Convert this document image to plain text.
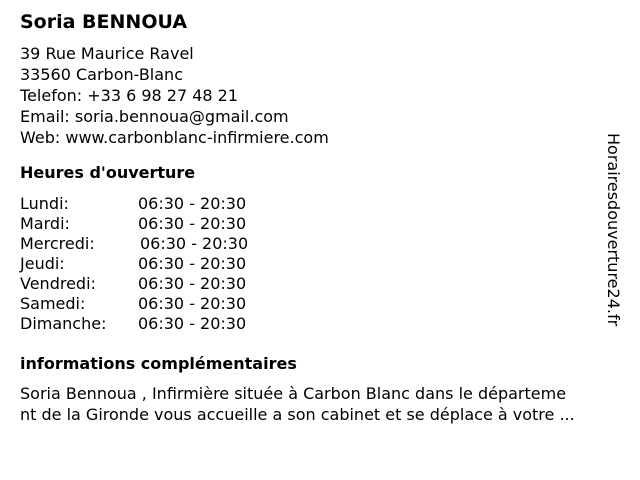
Soria BENNOUA
39 Rue Maurice Ravel
33560 Carbon-Blanc
Telefon: +33 6 98 27 48 21
Email: soria.bennoua@gmail.com
Web: www.carbonblanc-infirmiere.com
Heures d'ouverture
Lundi:	06:30 - 20:30
Mardi:	06:30 - 20:30
Mercredi:	06:30 - 20:30
Jeudi:	06:30 - 20:30
Vendredi:	06:30 - 20:30
Samedi:	06:30 - 20:30
Dimanche: 06:30 - 20:30
informations complémentaires
Soria Bennoua , Infirmière située à Carbon Blanc dans le départeme
nt de la Gironde vous accueille a son cabinet et se déplace à votre ...
Horairesdouverture24.fr
